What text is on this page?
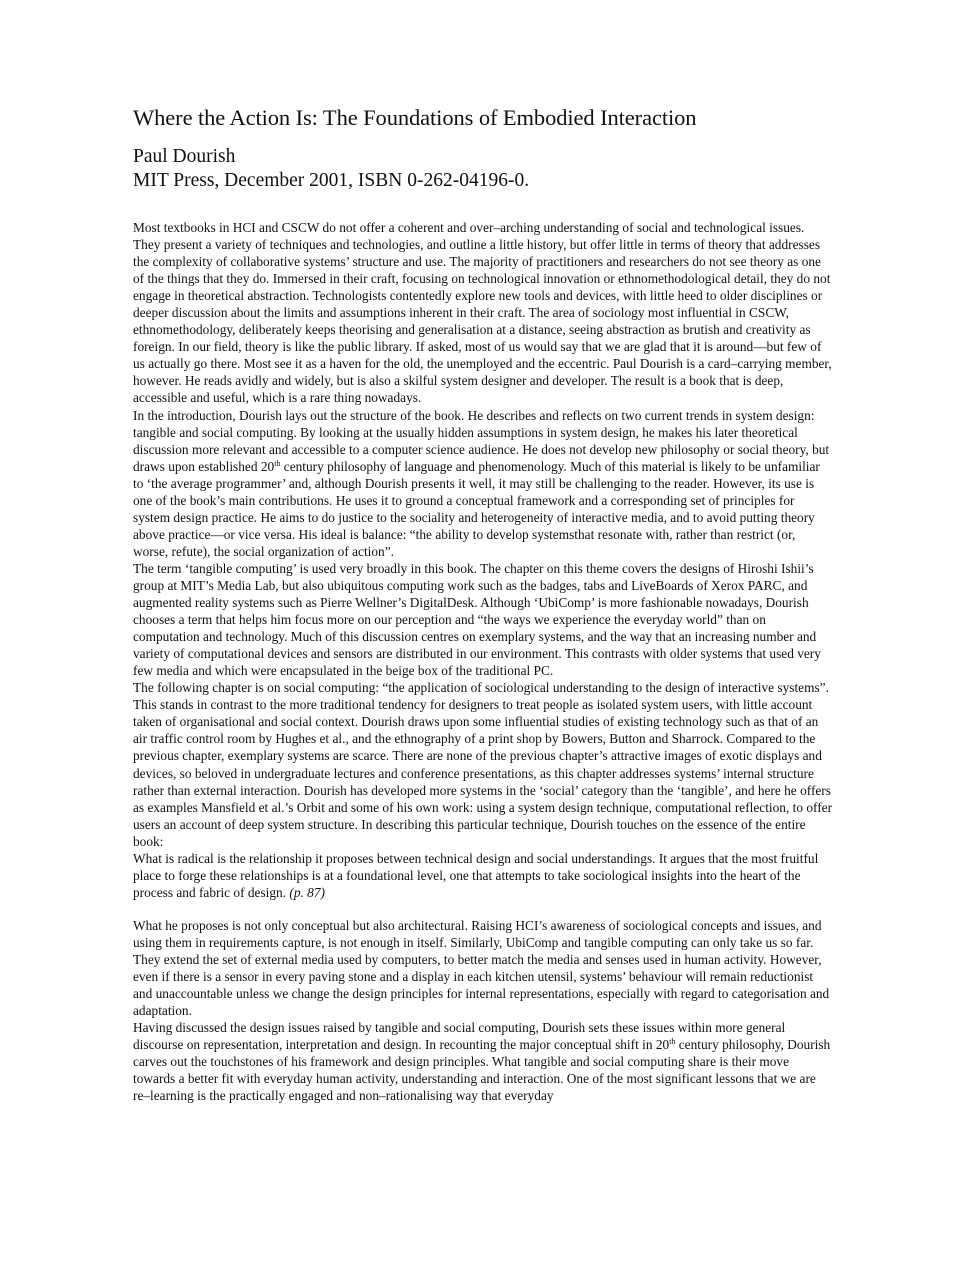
Where the Action Is: The Foundations of Embodied Interaction
Paul Dourish
MIT Press, December 2001, ISBN 0-262-04196-0.

Most textbooks in HCI and CSCW do not offer a coherent and over–arching understanding of social and technological issues. They present a variety of techniques and technologies, and outline a little history, but offer little in terms of theory that addresses the complexity of collaborative systems’ structure and use. The majority of practitioners and researchers do not see theory as one of the things that they do. Immersed in their craft, focusing on technological innovation or ethnomethodological detail, they do not engage in theoretical abstraction. Technologists contentedly explore new tools and devices, with little heed to older disciplines or deeper discussion about the limits and assumptions inherent in their craft. The area of sociology most influential in CSCW, ethnomethodology, deliberately keeps theorising and generalisation at a distance, seeing abstraction as brutish and creativity as foreign. In our field, theory is like the public library. If asked, most of us would say that we are glad that it is around—but few of us actually go there. Most see it as a haven for the old, the unemployed and the eccentric. Paul Dourish is a card–carrying member, however. He reads avidly and widely, but is also a skilful system designer and developer. The result is a book that is deep, accessible and useful, which is a rare thing nowadays.

In the introduction, Dourish lays out the structure of the book. He describes and reflects on two current trends in system design: tangible and social computing. By looking at the usually hidden assumptions in system design, he makes his later theoretical discussion more relevant and accessible to a computer science audience. He does not develop new philosophy or social theory, but draws upon established 20th century philosophy of language and phenomenology. Much of this material is likely to be unfamiliar to ‘the average programmer’ and, although Dourish presents it well, it may still be challenging to the reader. However, its use is one of the book’s main contributions. He uses it to ground a conceptual framework and a corresponding set of principles for system design practice. He aims to do justice to the sociality and heterogeneity of interactive media, and to avoid putting theory above practice—or vice versa. His ideal is balance: “the ability to develop systemsthat resonate with, rather than restrict (or, worse, refute), the social organization of action”.

The term ‘tangible computing’ is used very broadly in this book. The chapter on this theme covers the designs of Hiroshi Ishii’s group at MIT’s Media Lab, but also ubiquitous computing work such as the badges, tabs and LiveBoards of Xerox PARC, and augmented reality systems such as Pierre Wellner’s DigitalDesk. Although ‘UbiComp’ is more fashionable nowadays, Dourish chooses a term that helps him focus more on our perception and “the ways we experience the everyday world” than on computation and technology. Much of this discussion centres on exemplary systems, and the way that an increasing number and variety of computational devices and sensors are distributed in our environment. This contrasts with older systems that used very few media and which were encapsulated in the beige box of the traditional PC.

The following chapter is on social computing: “the application of sociological understanding to the design of interactive systems”. This stands in contrast to the more traditional tendency for designers to treat people as isolated system users, with little account taken of organisational and social context. Dourish draws upon some influential studies of existing technology such as that of an air traffic control room by Hughes et al., and the ethnography of a print shop by Bowers, Button and Sharrock. Compared to the previous chapter, exemplary systems are scarce. There are none of the previous chapter’s attractive images of exotic displays and devices, so beloved in undergraduate lectures and conference presentations, as this chapter addresses systems’ internal structure rather than external interaction. Dourish has developed more systems in the ‘social’ category than the ‘tangible’, and here he offers as examples Mansfield et al.’s Orbit and some of his own work: using a system design technique, computational reflection, to offer users an account of deep system structure. In describing this particular technique, Dourish touches on the essence of the entire book:

What is radical is the relationship it proposes between technical design and social understandings. It argues that the most fruitful place to forge these relationships is at a foundational level, one that attempts to take sociological insights into the heart of the process and fabric of design. (p. 87)

What he proposes is not only conceptual but also architectural. Raising HCI’s awareness of sociological concepts and issues, and using them in requirements capture, is not enough in itself. Similarly, UbiComp and tangible computing can only take us so far. They extend the set of external media used by computers, to better match the media and senses used in human activity. However, even if there is a sensor in every paving stone and a display in each kitchen utensil, systems’ behaviour will remain reductionist and unaccountable unless we change the design principles for internal representations, especially with regard to categorisation and adaptation.

Having discussed the design issues raised by tangible and social computing, Dourish sets these issues within more general discourse on representation, interpretation and design. In recounting the major conceptual shift in 20th century philosophy, Dourish carves out the touchstones of his framework and design principles. What tangible and social computing share is their move towards a better fit with everyday human activity, understanding and interaction. One of the most significant lessons that we are re–learning is the practically engaged and non–rationalising way that everyday
